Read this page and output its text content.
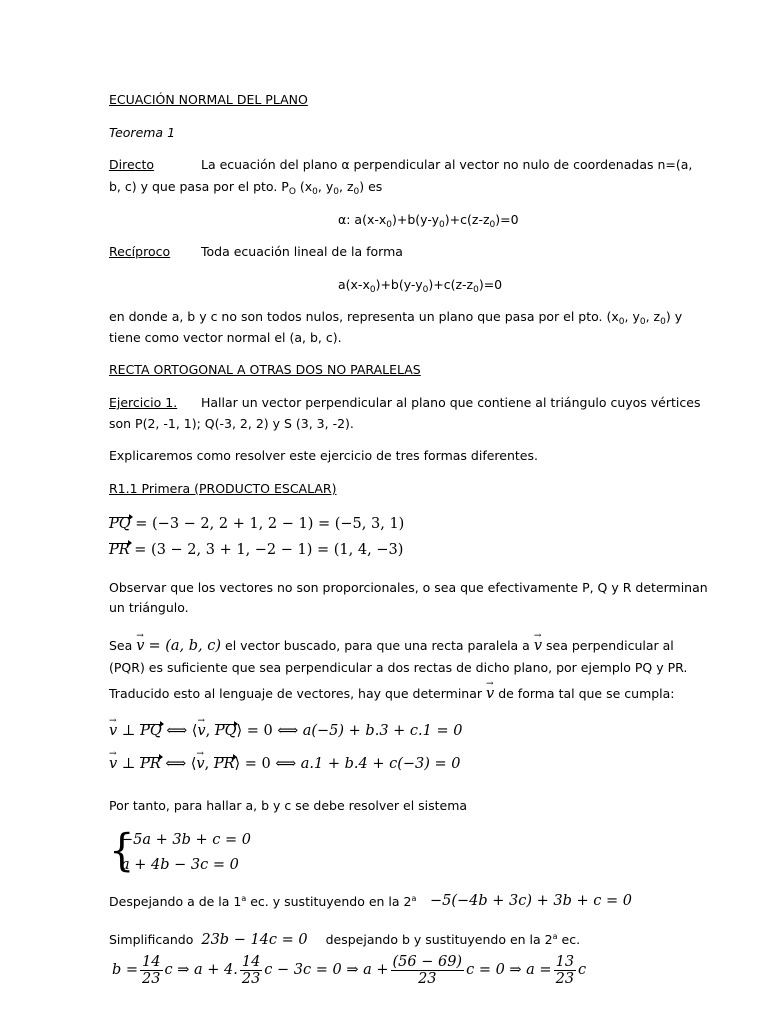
ECUACIÓN NORMAL DEL PLANO
Teorema 1
Directo	La ecuación del plano α perpendicular al vector no nulo de coordenadas n=(a,
b, c) y que pasa por el pto. $P_O$ ($x_0$, $y_0$, $z_0$) es
α: $a(x-x_0)+b(y-y_0)+c(z-z_0)=0$
Recíproco Toda ecuación lineal de la forma
$a(x-x_0)+b(y-y_0)+c(z-z_0)=0$
en donde a, b y c no son todos nulos, representa un plano que pasa por el pto. ($x_0$, $y_0$, $z_0$) y
tiene como vector normal el (a, b, c).
RECTA ORTOGONAL A OTRAS DOS NO PARALELAS
Ejercicio 1. Hallar un vector perpendicular al plano que contiene al triángulo cuyos vértices
son P(2, -1, 1); Q(-3, 2, 2) y S (3, 3, -2).
Explicaremos como resolver este ejercicio de tres formas diferentes.
R1.1 Primera (PRODUCTO ESCALAR)
PQ = (−3 − 2, 2 + 1, 2 − 1) = (−5, 3, 1)
PR = (3 − 2, 3 + 1, −2 − 1) = (1, 4, −3)
Observar que los vectores no son proporcionales, o sea que efectivamente P, Q y R determinan
un triángulo.
Sea → v = (a, b, c) el vector buscado, para que una recta paralela a → v sea perpendicular al
(PQR) es suficiente que sea perpendicular a dos rectas de dicho plano, por ejemplo PQ y PR.
Traducido esto al lenguaje de vectores, hay que determinar → v de forma tal que se cumpla:
→ v ⊥ PQ ⟺ ⟨→ v, PQ⟩ = 0 ⟺ a(−5) + b.3 + c.1 = 0
→ v ⊥ PR ⟺ ⟨→ v, PR⟩ = 0 ⟺ a.1 + b.4 + c(−3) = 0
Por tanto, para hallar a, b y c se debe resolver el sistema
{
−5a + 3b + c = 0
a + 4b − 3c = 0
Despejando a de la 1$^a$ ec. y sustituyendo en la $2^a -5(-4b + 3c) + 3b + c = 0$
Simplificando 23b − 14c = 0 despejando b y sustituyendo en la 2$^a$ ec.
$b = \frac{14}{23}$ c ⇒ a + 4. $\frac{14}{23}$ c − 3c = 0 ⇒ $a + \frac{(56 - 69)}{23}$ c = 0 ⇒ $a = \frac{13}{23}$ c
